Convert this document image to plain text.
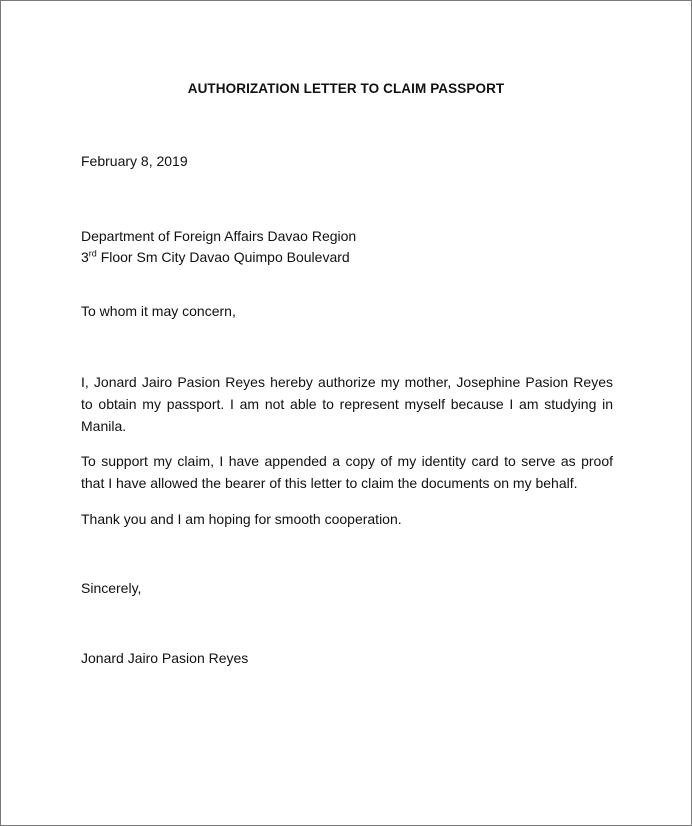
AUTHORIZATION LETTER TO CLAIM PASSPORT
February 8, 2019
Department of Foreign Affairs Davao Region
3rd Floor Sm City Davao Quimpo Boulevard
To whom it may concern,
I, Jonard Jairo Pasion Reyes hereby authorize my mother, Josephine Pasion Reyes to obtain my passport. I am not able to represent myself because I am studying in Manila.
To support my claim, I have appended a copy of my identity card to serve as proof that I have allowed the bearer of this letter to claim the documents on my behalf.
Thank you and I am hoping for smooth cooperation.
Sincerely,
Jonard Jairo Pasion Reyes
